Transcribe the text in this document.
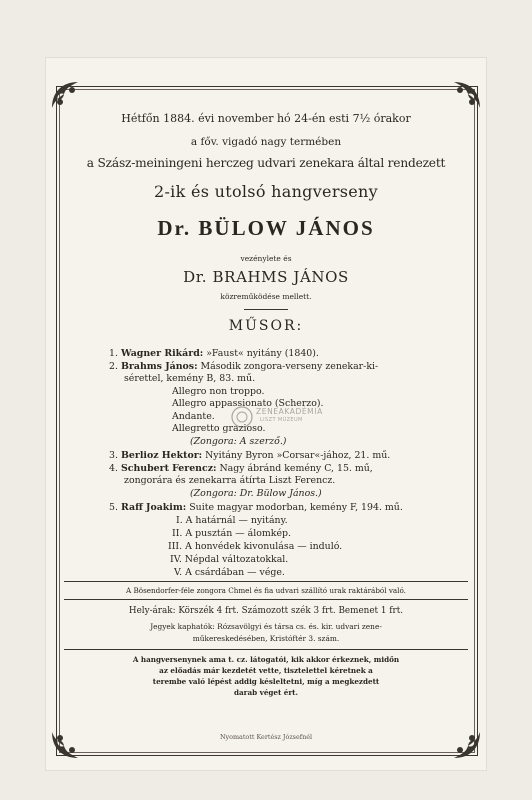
Hétfőn 1884. évi november hó 24-én esti 7½ órakor
a főv. vigadó nagy termében
a Szász-meiningeni herczeg udvari zenekara által rendezett
2-ik és utolsó hangverseny
Dr. BÜLOW JÁNOS
vezénylete és
Dr. BRAHMS JÁNOS
közreműködése mellett.
MŰSOR:
1. Wagner Rikárd: »Faust« nyitány (1840).
2. Brahms János: Második zongora-verseny zenekar-ki-
sérettel, kemény B, 83. mű.
Allegro non troppo.
Allegro appassionato (Scherzo).
Andante.
Allegretto grazioso.
(Zongora: A szerző.)
3. Berlioz Hektor: Nyitány Byron »Corsar«-jához, 21. mű.
4. Schubert Ferencz: Nagy ábránd kemény C, 15. mű,
zongorára és zenekarra átírta Liszt Ferencz.
(Zongora: Dr. Bülow János.)
5. Raff Joakim: Suite magyar modorban, kemény F, 194. mű.
I. A határnál — nyitány.
II. A pusztán — álomkép.
III. A honvédek kivonulása — induló.
IV. Népdal változatokkal.
V. A csárdában — vége.
A Bösendorfer-féle zongora Chmel és fia udvari szállító urak raktárából való.
Hely-árak: Körszék 4 frt. Számozott szék 3 frt. Bemenet 1 frt.
Jegyek kaphatók: Rózsavölgyi és társa cs. és. kir. udvari zene-
műkereskedésében, Kristóftér 3. szám.
A hangversenynek ama t. cz. látogatói, kik akkor érkeznek, midőn
az előadás már kezdetét vette, tisztelettel kéretnek a
terembe való lépést addig késleltetni, míg a megkezdett
darab véget ért.
Nyomatott Kertész Józsefnél
ZENEAKADÉMIA
LISZT MÚZEUM
